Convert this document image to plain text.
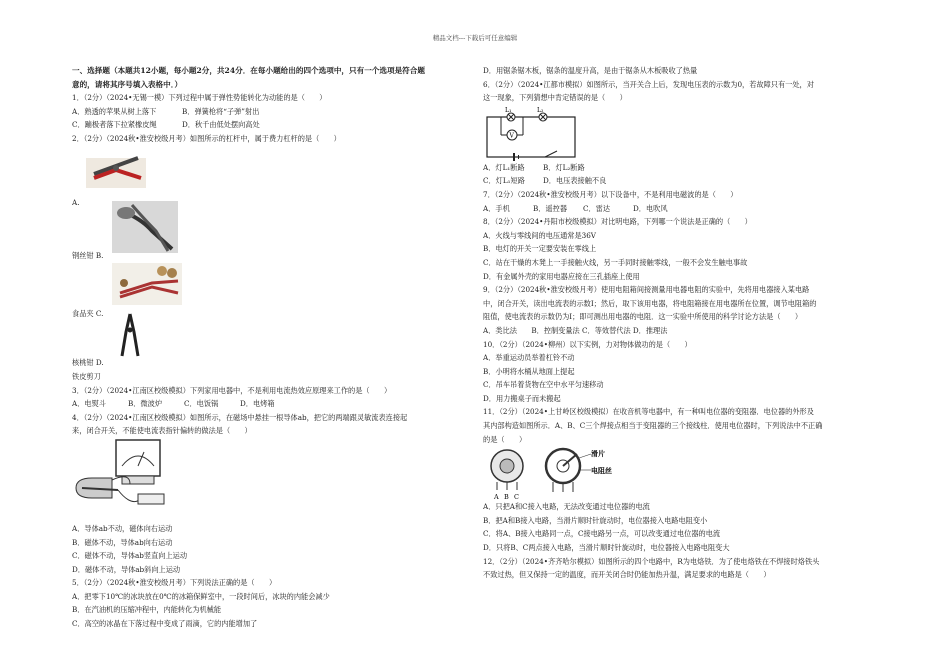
精品文档---下载后可任意编辑
一、选择题（本题共12小题，每小题2分，共24分．在每小题给出的四个选项中，只有一个选项是符合题
意的，请将其序号填入表格中．）
1．（2分）（2024•无锡一模）下列过程中属于弹性势能转化为动能的是（　　）
A．熟透的苹果从树上落下	B．弹簧枪将“子弹”射出
C．蹦极者落下拉紧橡皮绳	D．秋千由低处摆向高处
2．（2分）（2024秋•淮安校级月考）如图所示的杠杆中，属于费力杠杆的是（　　）
A.
钢丝钳 B.
食品夹 C.
核桃钳 D.
铁皮剪刀
3．（2分）（2024•江南区校级模拟）下列家用电器中，不是利用电流热效应原理来工作的是（　　）
A．电熨斗	B．微波炉	C．电饭锅	D．电烤箱
4．（2分）（2024•江南区校级模拟）如图所示，在磁场中悬挂一根导体ab，把它的两端跟灵敏流表连接起
来，闭合开关，不能使电流表指针偏转的做法是（　　）
A．导体ab不动，磁体向右运动
B．磁体不动，导体ab向右运动
C．磁体不动，导体ab竖直向上运动
D．磁体不动，导体ab斜向上运动
5．（2分）（2024秋•淮安校级月考）下列说法正确的是（　　）
A．把零下10℃的冰块放在0℃的冰箱保鲜室中，一段时间后，冰块的内能会减少
B．在汽油机的压缩冲程中，内能转化为机械能
C．高空的冰晶在下落过程中变成了雨滴，它的内能增加了
D．用锯条锯木板，锯条的温度升高，是由于锯条从木板吸收了热量
6．（2分）（2024•江都市模拟）如图所示，当开关合上后，发现电压表的示数为0，若故障只有一处，对
这一现象，下列猜想中肯定错误的是（　　）
L₁	L₂
V
A．灯L₁断路	B．灯L₂断路
C．灯L₁短路	D．电压表接触不良
7．（2分）（2024秋•淮安校级月考）以下设备中，不是利用电磁波的是（　　）
A．手机	B．遥控器	C．雷达	D．电吹风
8．（2分）（2024•丹阳市校级模拟）对比明电路，下列哪一个说法是正确的（　　）
A．火线与零线间的电压通常是36V
B．电灯的开关一定要安装在零线上
C．站在干燥的木凳上一手接触火线，另一手同时接触零线，一般不会发生触电事故
D．有金属外壳的家用电器应接在三孔插座上使用
9．（2分）（2024秋•淮安校级月考）使用电阻箱间接测量用电器电阻的实验中，先将用电器接入某电路
中，闭合开关，读出电流表的示数I；然后，取下该用电器，将电阻箱接在用电器所在位置，调节电阻箱的
阻值，使电流表的示数仍为I；即可测出用电器的电阻．这一实验中所使用的科学讨论方法是（　　）
A．类比法　　B．控制变量法 C．等效替代法 D．推理法
10．（2分）（2024•柳州）以下实例，力对物体做功的是（　　）
A．举重运动员举着杠铃不动
B．小明将水桶从地面上提起
C．吊车吊着货物在空中水平匀速移动
D．用力搬桌子而未搬起
11．（2分）（2024•上甘岭区校级模拟）在收音机等电器中，有一种叫电位器的变阻器．电位器的外形及
其内部构造如图所示．A、B、C三个焊接点相当于变阻器的三个接线柱．使用电位器时，下列说法中不正确
的是（　　）
A B C
滑片
电阻丝
A．只把A和C接入电路，无法改变通过电位器的电流
B．把A和B接入电路，当滑片顺时针旋动时，电位器接入电路电阻变小
C．将A、B接入电路同一点，C接电路另一点，可以改变通过电位器的电流
D．只将B、C两点接入电路，当滑片顺时针旋动时，电位器接入电路电阻变大
12．（2分）（2024•齐齐哈尔模拟）如图所示的四个电路中，R为电烙铁．为了使电烙铁在不焊接时烙铁头
不致过热，但又保持一定的温度，而开关闭合时仍能加热升温，满足要求的电路是（　　）
